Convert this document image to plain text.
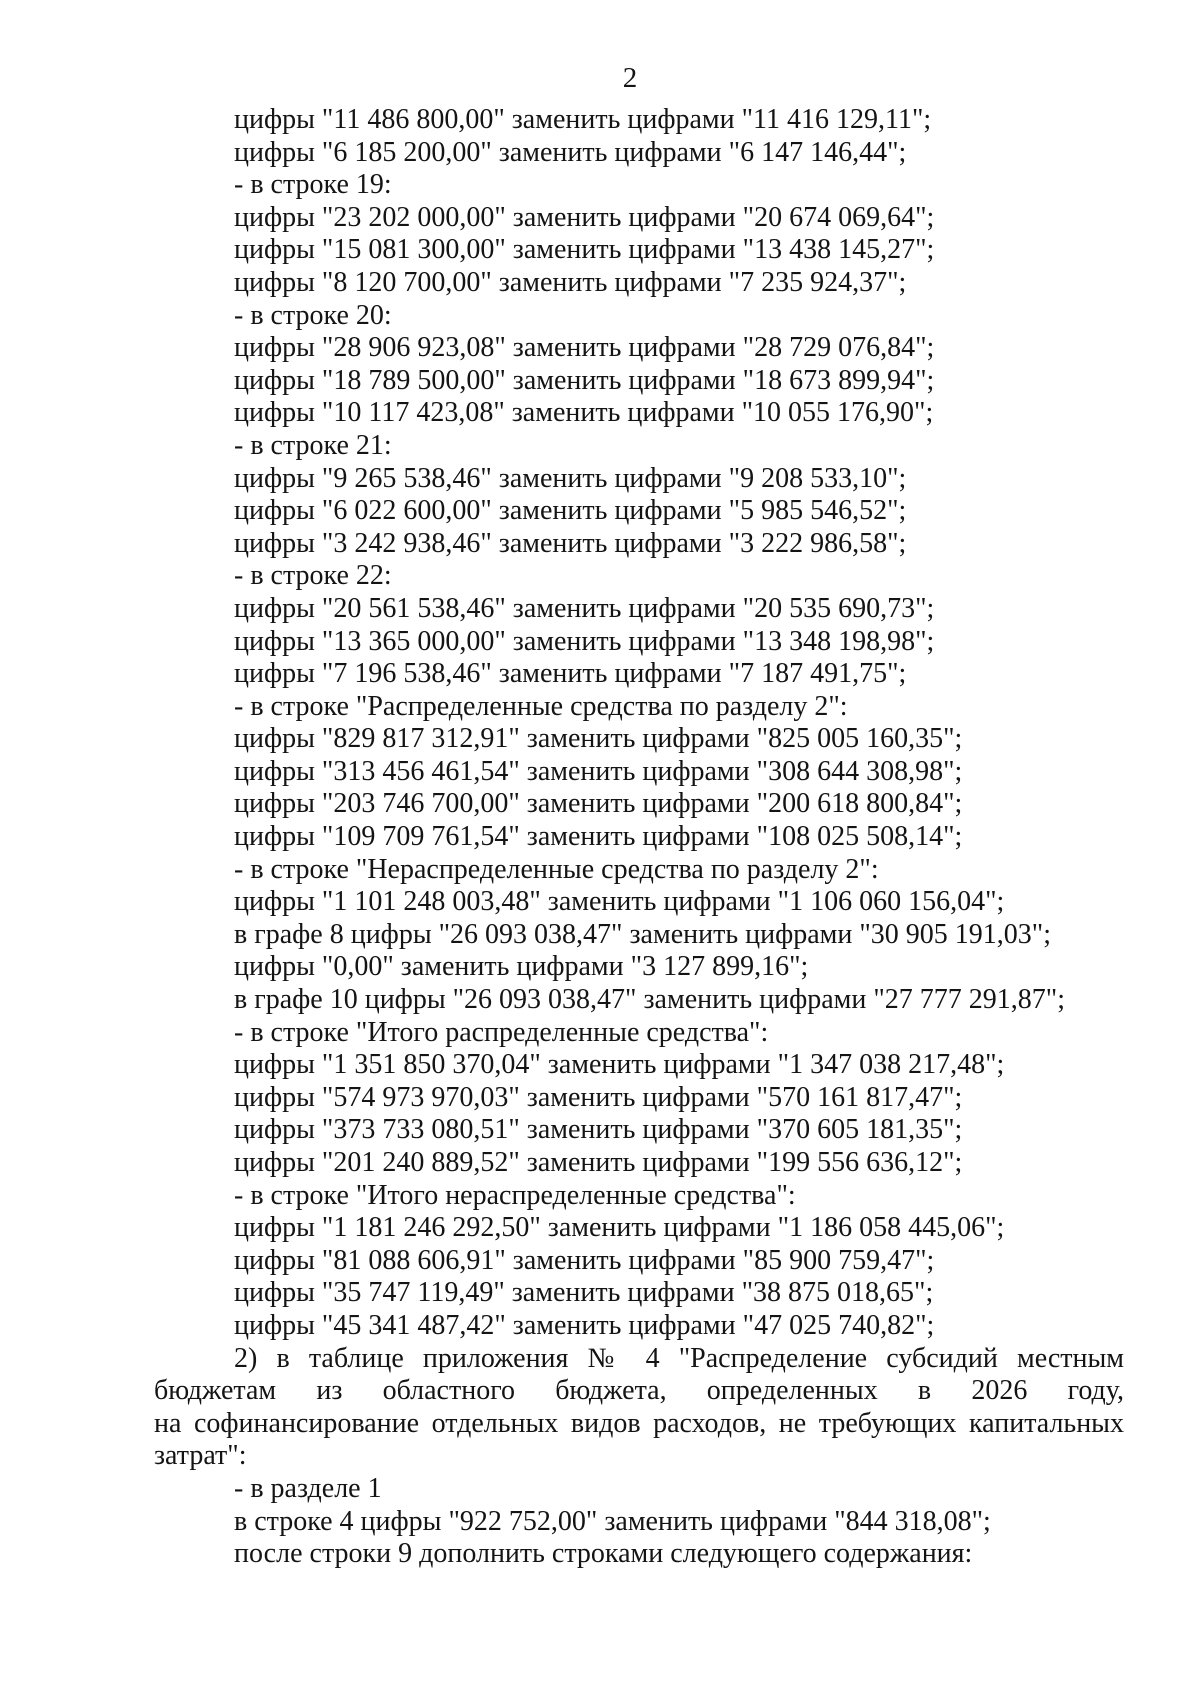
2

цифры "11 486 800,00" заменить цифрами "11 416 129,11";

цифры "6 185 200,00" заменить цифрами "6 147 146,44";

- в строке 19:

цифры "23 202 000,00" заменить цифрами "20 674 069,64";

цифры "15 081 300,00" заменить цифрами "13 438 145,27";

цифры "8 120 700,00" заменить цифрами "7 235 924,37";

- в строке 20:

цифры "28 906 923,08" заменить цифрами "28 729 076,84";

цифры "18 789 500,00" заменить цифрами "18 673 899,94";

цифры "10 117 423,08" заменить цифрами "10 055 176,90";

- в строке 21:

цифры "9 265 538,46" заменить цифрами "9 208 533,10";

цифры "6 022 600,00" заменить цифрами "5 985 546,52";

цифры "3 242 938,46" заменить цифрами "3 222 986,58";

- в строке 22:

цифры "20 561 538,46" заменить цифрами "20 535 690,73";

цифры "13 365 000,00" заменить цифрами "13 348 198,98";

цифры "7 196 538,46" заменить цифрами "7 187 491,75";

- в строке "Распределенные средства по разделу 2":

цифры "829 817 312,91" заменить цифрами "825 005 160,35";

цифры "313 456 461,54" заменить цифрами "308 644 308,98";

цифры "203 746 700,00" заменить цифрами "200 618 800,84";

цифры "109 709 761,54" заменить цифрами "108 025 508,14";

- в строке "Нераспределенные средства по разделу 2":

цифры "1 101 248 003,48" заменить цифрами "1 106 060 156,04";

в графе 8 цифры "26 093 038,47" заменить цифрами "30 905 191,03";

цифры "0,00" заменить цифрами "3 127 899,16";

в графе 10 цифры "26 093 038,47" заменить цифрами "27 777 291,87";

- в строке "Итого распределенные средства":

цифры "1 351 850 370,04" заменить цифрами "1 347 038 217,48";

цифры "574 973 970,03" заменить цифрами "570 161 817,47";

цифры "373 733 080,51" заменить цифрами "370 605 181,35";

цифры "201 240 889,52" заменить цифрами "199 556 636,12";

- в строке "Итого нераспределенные средства":

цифры "1 181 246 292,50" заменить цифрами "1 186 058 445,06";

цифры "81 088 606,91" заменить цифрами "85 900 759,47";

цифры "35 747 119,49" заменить цифрами "38 875 018,65";

цифры "45 341 487,42" заменить цифрами "47 025 740,82";

2) в таблице приложения № 4 "Распределение субсидий местным
бюджетам из областного бюджета, определенных в 2026 году,
на софинансирование отдельных видов расходов, не требующих капитальных
затрат":

- в разделе 1

в строке 4 цифры "922 752,00" заменить цифрами "844 318,08";

после строки 9 дополнить строками следующего содержания:
